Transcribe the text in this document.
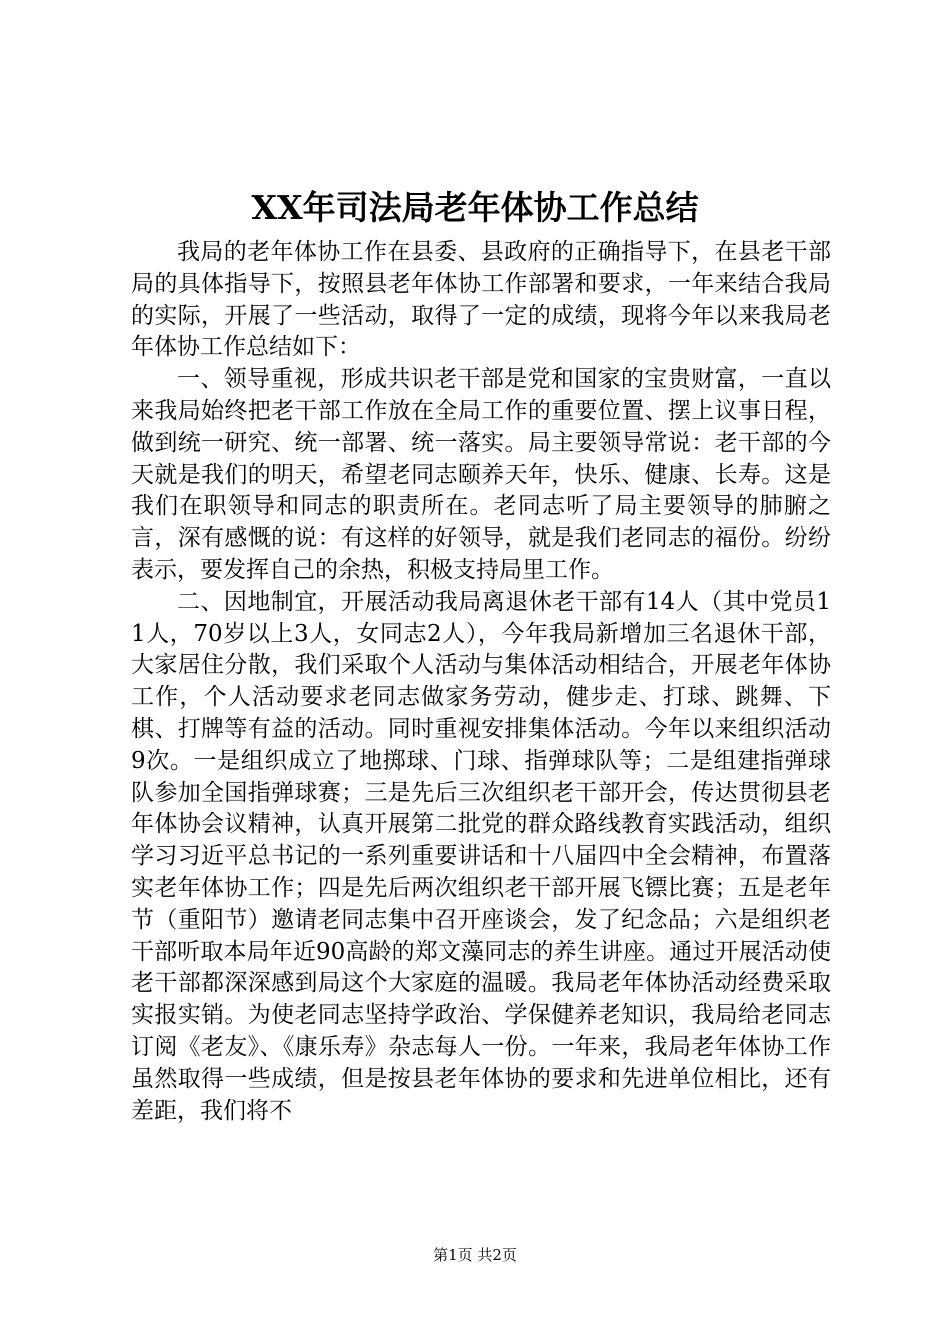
XX年司法局老年体协工作总结

我局的老年体协工作在县委、县政府的正确指导下，在县老干部局的具体指导下，按照县老年体协工作部署和要求，一年来结合我局的实际，开展了一些活动，取得了一定的成绩，现将今年以来我局老年体协工作总结如下：

一、领导重视，形成共识老干部是党和国家的宝贵财富，一直以来我局始终把老干部工作放在全局工作的重要位置、摆上议事日程，做到统一研究、统一部署、统一落实。局主要领导常说：老干部的今天就是我们的明天，希望老同志颐养天年，快乐、健康、长寿。这是我们在职领导和同志的职责所在。老同志听了局主要领导的肺腑之言，深有感慨的说：有这样的好领导，就是我们老同志的福份。纷纷表示，要发挥自己的余热，积极支持局里工作。

二、因地制宜，开展活动我局离退休老干部有14人（其中党员11人，70岁以上3人，女同志2人），今年我局新增加三名退休干部，大家居住分散，我们采取个人活动与集体活动相结合，开展老年体协工作，个人活动要求老同志做家务劳动，健步走、打球、跳舞、下棋、打牌等有益的活动。同时重视安排集体活动。今年以来组织活动9次。一是组织成立了地掷球、门球、指弹球队等；二是组建指弹球队参加全国指弹球赛；三是先后三次组织老干部开会，传达贯彻县老年体协会议精神，认真开展第二批党的群众路线教育实践活动，组织学习习近平总书记的一系列重要讲话和十八届四中全会精神，布置落实老年体协工作；四是先后两次组织老干部开展飞镖比赛；五是老年节（重阳节）邀请老同志集中召开座谈会，发了纪念品；六是组织老干部听取本局年近90高龄的郑文藻同志的养生讲座。通过开展活动使老干部都深深感到局这个大家庭的温暖。我局老年体协活动经费采取实报实销。为使老同志坚持学政治、学保健养老知识，我局给老同志订阅《老友》、《康乐寿》杂志每人一份。一年来，我局老年体协工作虽然取得一些成绩，但是按县老年体协的要求和先进单位相比，还有差距，我们将不

第1页 共2页
